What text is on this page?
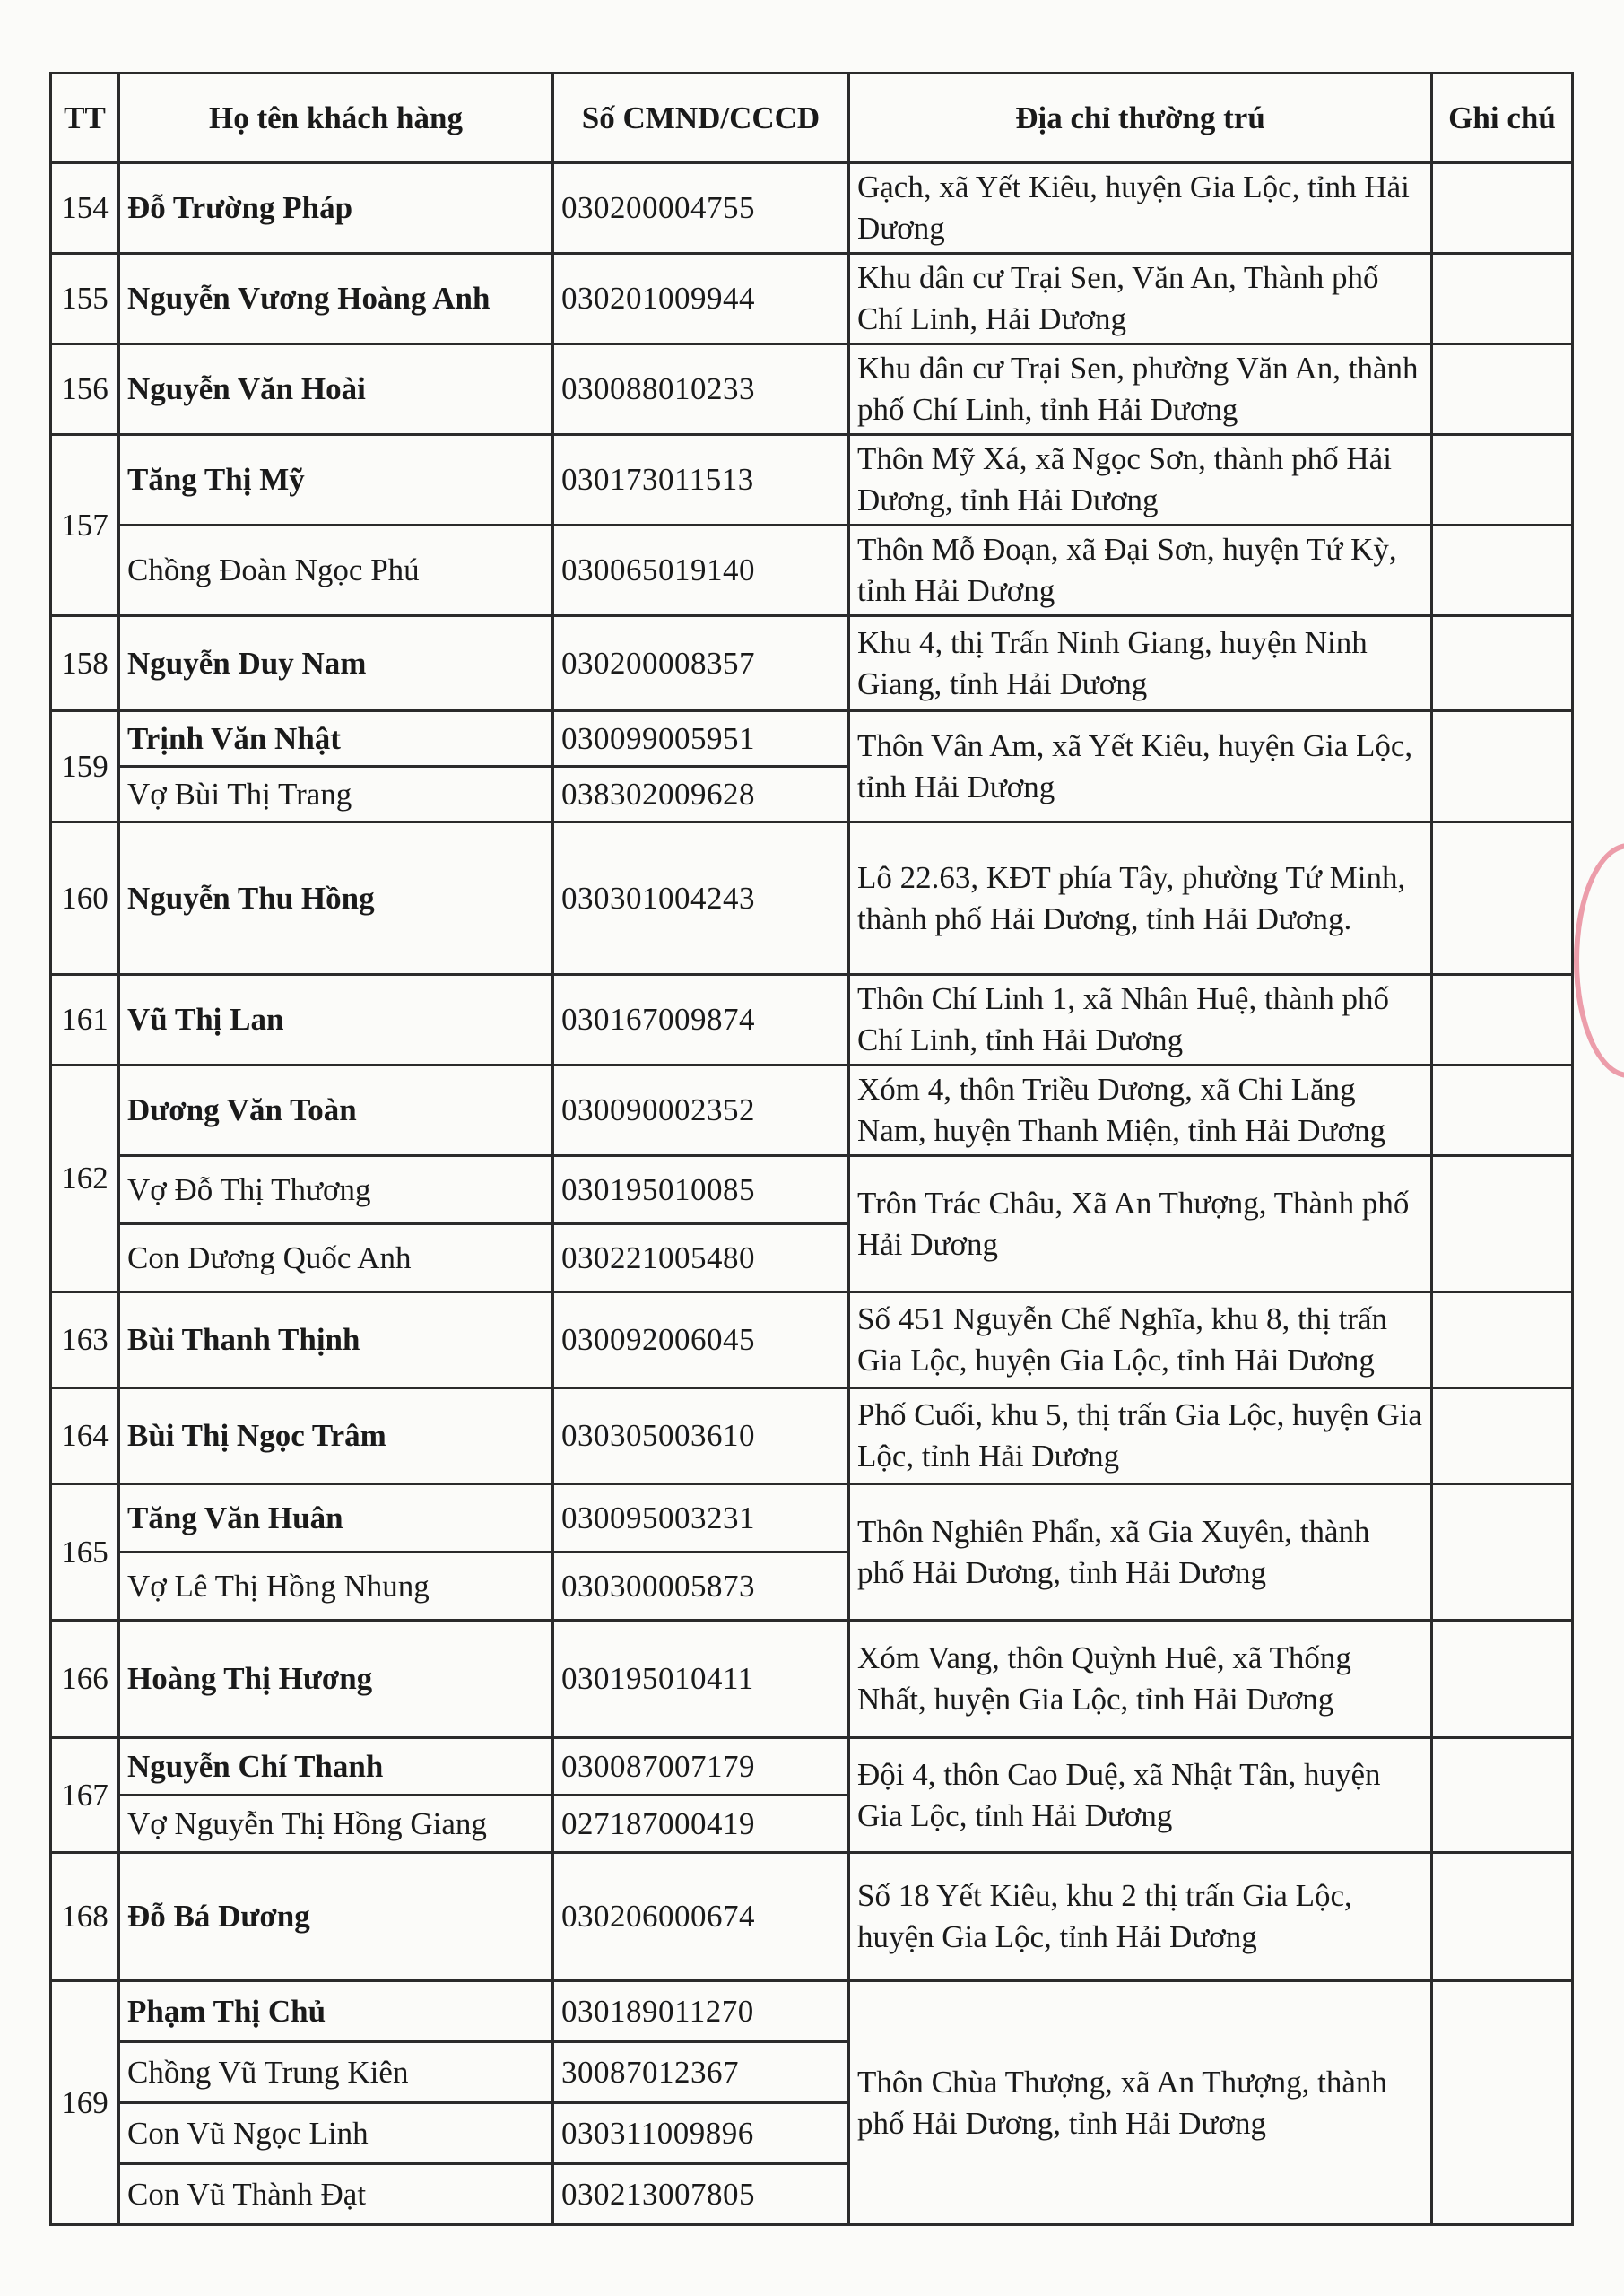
TT	Họ tên khách hàng	Số CMND/CCCD	Địa chỉ thường trú	Ghi chú
154	Đỗ Trường Pháp	030200004755	Gạch, xã Yết Kiêu, huyện Gia Lộc, tỉnh Hải Dương	
155	Nguyễn Vương Hoàng Anh	030201009944	Khu dân cư Trại Sen, Văn An, Thành phố Chí Linh, Hải Dương	
156	Nguyễn Văn Hoài	030088010233	Khu dân cư Trại Sen, phường Văn An, thành phố Chí Linh, tỉnh Hải Dương	
157	Tăng Thị Mỹ	030173011513	Thôn Mỹ Xá, xã Ngọc Sơn, thành phố Hải Dương, tỉnh Hải Dương	
	Chồng Đoàn Ngọc Phú	030065019140	Thôn Mỗ Đoạn, xã Đại Sơn, huyện Tứ Kỳ, tỉnh Hải Dương	
158	Nguyễn Duy Nam	030200008357	Khu 4, thị Trấn Ninh Giang, huyện Ninh Giang, tỉnh Hải Dương	
159	Trịnh Văn Nhật	030099005951	Thôn Vân Am, xã Yết Kiêu, huyện Gia Lộc, tỉnh Hải Dương	
	Vợ Bùi Thị Trang	038302009628		
160	Nguyễn Thu Hồng	030301004243	Lô 22.63, KĐT phía Tây, phường Tứ Minh, thành phố Hải Dương, tỉnh Hải Dương.	
161	Vũ Thị Lan	030167009874	Thôn Chí Linh 1, xã Nhân Huệ, thành phố Chí Linh, tỉnh Hải Dương	
162	Dương Văn Toàn	030090002352	Xóm 4, thôn Triều Dương, xã Chi Lăng Nam, huyện Thanh Miện, tỉnh Hải Dương	
	Vợ Đỗ Thị Thương	030195010085	Trôn Trác Châu, Xã An Thượng, Thành phố Hải Dương	
	Con Dương Quốc Anh	030221005480		
163	Bùi Thanh Thịnh	030092006045	Số 451 Nguyễn Chế Nghĩa, khu 8, thị trấn Gia Lộc, huyện Gia Lộc, tỉnh Hải Dương	
164	Bùi Thị Ngọc Trâm	030305003610	Phố Cuối, khu 5, thị trấn Gia Lộc, huyện Gia Lộc, tỉnh Hải Dương	
165	Tăng Văn Huân	030095003231	Thôn Nghiên Phẩn, xã Gia Xuyên, thành phố Hải Dương, tỉnh Hải Dương	
	Vợ Lê Thị Hồng Nhung	030300005873		
166	Hoàng Thị Hương	030195010411	Xóm Vang, thôn Quỳnh Huê, xã Thống Nhất, huyện Gia Lộc, tỉnh Hải Dương	
167	Nguyễn Chí Thanh	030087007179	Đội 4, thôn Cao Duệ, xã Nhật Tân, huyện Gia Lộc, tỉnh Hải Dương	
	Vợ Nguyễn Thị Hồng Giang	027187000419		
168	Đỗ Bá Dương	030206000674	Số 18 Yết Kiêu, khu 2 thị trấn Gia Lộc, huyện Gia Lộc, tỉnh Hải Dương	
169	Phạm Thị Chủ	030189011270	Thôn Chùa Thượng, xã An Thượng, thành phố Hải Dương, tỉnh Hải Dương	
	Chồng Vũ Trung Kiên	30087012367		
	Con Vũ Ngọc Linh	030311009896		
	Con Vũ Thành Đạt	030213007805		
